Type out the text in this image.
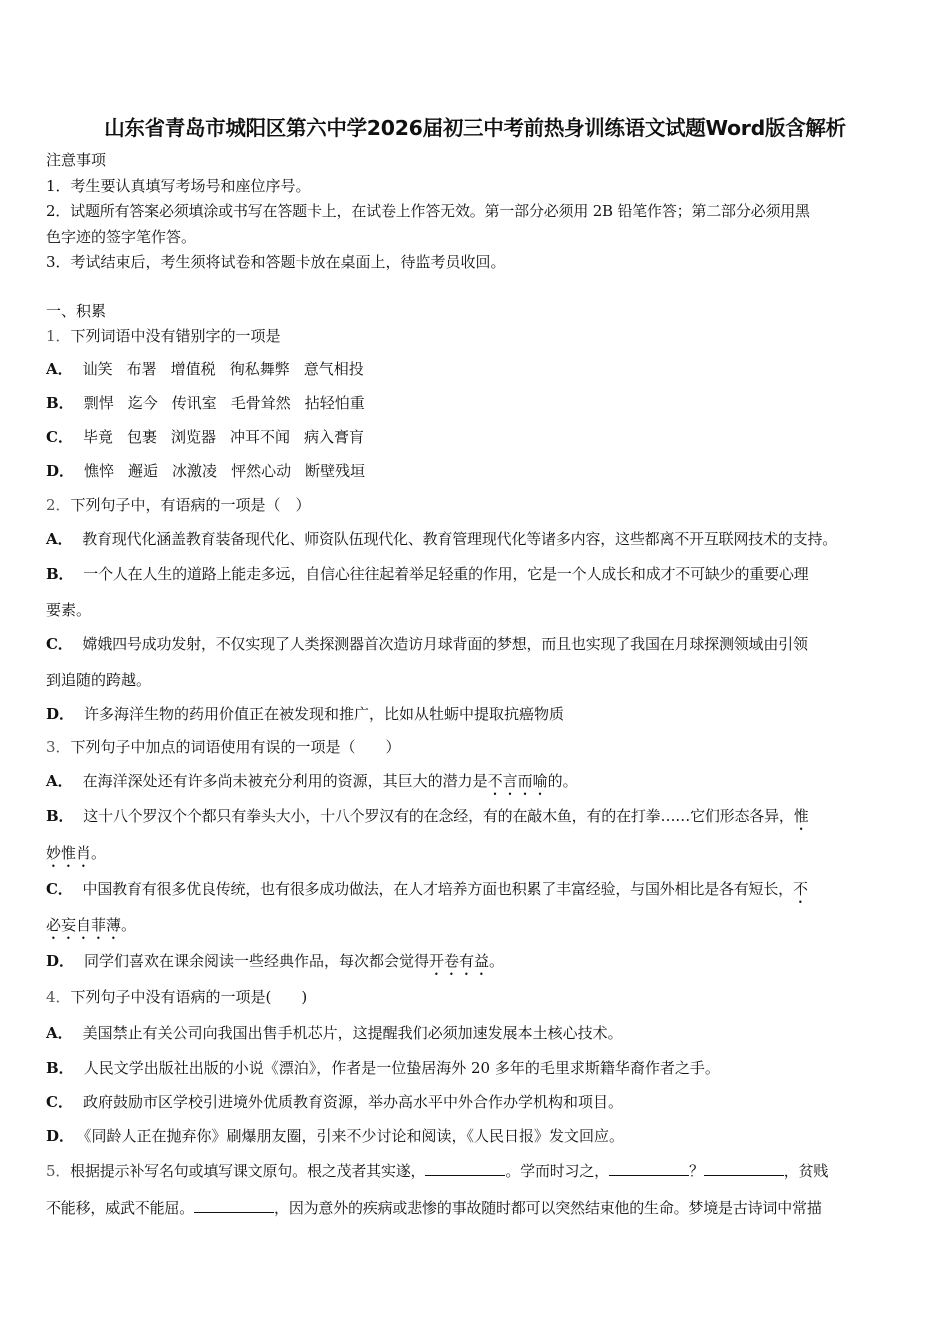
山东省青岛市城阳区第六中学2026届初三中考前热身训练语文试题Word版含解析
注意事项
1．考生要认真填写考场号和座位序号。
2．试题所有答案必须填涂或书写在答题卡上，在试卷上作答无效。第一部分必须用 2B 铅笔作答；第二部分必须用黑
色字迹的签字笔作答。
3．考试结束后，考生须将试卷和答题卡放在桌面上，待监考员收回。
一、积累
1．下列词语中没有错别字的一项是
A． 讪笑 布署 增值税 徇私舞弊 意气相投
B． 剽悍 迄今 传讯室 毛骨耸然 拈轻怕重
C． 毕竟 包裹 浏览器 冲耳不闻 病入膏肓
D． 憔悴 邂逅 冰激凌 怦然心动 断壁残垣
2．下列句子中，有语病的一项是（　）
A． 教育现代化涵盖教育装备现代化、师资队伍现代化、教育管理现代化等诸多内容，这些都离不开互联网技术的支持。
B． 一个人在人生的道路上能走多远，自信心往往起着举足轻重的作用，它是一个人成长和成才不可缺少的重要心理
要素。
C． 嫦娥四号成功发射，不仅实现了人类探测器首次造访月球背面的梦想，而且也实现了我国在月球探测领域由引领
到追随的跨越。
D． 许多海洋生物的药用价值正在被发现和推广，比如从牡蛎中提取抗癌物质
3．下列句子中加点的词语使用有误的一项是（　　）
A． 在海洋深处还有许多尚未被充分利用的资源，其巨大的潜力是不言而喻的。
B． 这十八个罗汉个个都只有拳头大小，十八个罗汉有的在念经，有的在敲木鱼，有的在打拳……它们形态各异，惟
妙惟肖。
C． 中国教育有很多优良传统，也有很多成功做法，在人才培养方面也积累了丰富经验，与国外相比是各有短长，不
必妄自菲薄。
D． 同学们喜欢在课余阅读一些经典作品，每次都会觉得开卷有益。
4．下列句子中没有语病的一项是(　　)
A． 美国禁止有关公司向我国出售手机芯片，这提醒我们必须加速发展本土核心技术。
B． 人民文学出版社出版的小说《漂泊》，作者是一位蛰居海外 20 多年的毛里求斯籍华裔作者之手。
C． 政府鼓励市区学校引进境外优质教育资源，举办高水平中外合作办学机构和项目。
D． 《同龄人正在抛弃你》刷爆朋友圈，引来不少讨论和阅读，《人民日报》发文回应。
5．根据提示补写名句或填写课文原句。根之茂者其实遂，	。学而时习之，	？	，贫贱
不能移，威武不能屈。	，因为意外的疾病或悲惨的事故随时都可以突然结束他的生命。梦境是古诗词中常描
